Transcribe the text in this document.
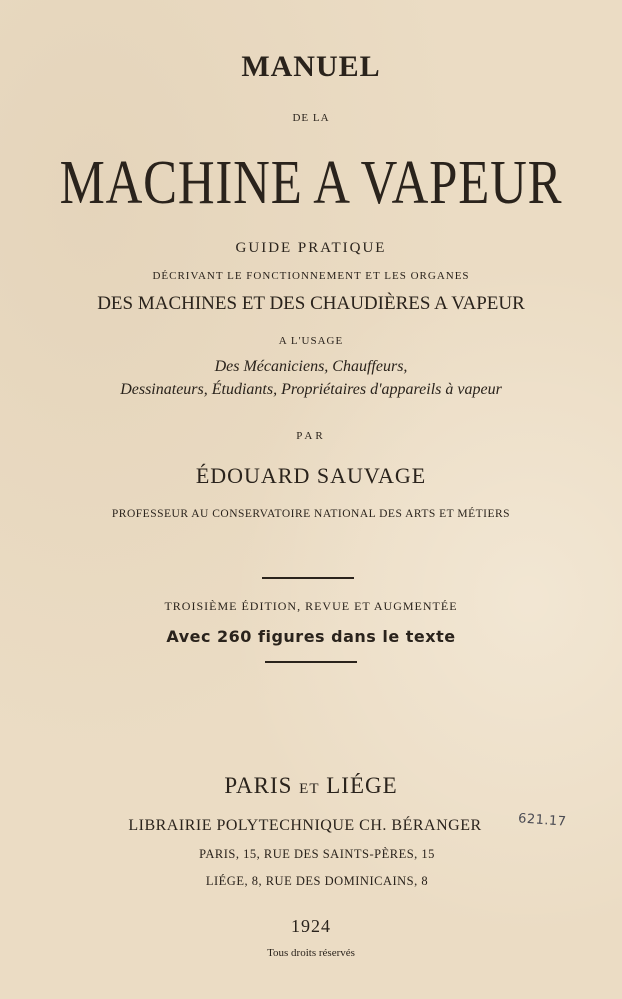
MANUEL
DE LA
MACHINE A VAPEUR
GUIDE PRATIQUE
DÉCRIVANT LE FONCTIONNEMENT ET LES ORGANES
DES MACHINES ET DES CHAUDIÈRES A VAPEUR
A L'USAGE
Des Mécaniciens, Chauffeurs,
Dessinateurs, Étudiants, Propriétaires d'appareils à vapeur
PAR
ÉDOUARD SAUVAGE
PROFESSEUR AU CONSERVATOIRE NATIONAL DES ARTS ET MÉTIERS
TROISIÈME ÉDITION, REVUE ET AUGMENTÉE
Avec 260 figures dans le texte
PARIS ET LIÉGE
LIBRAIRIE POLYTECHNIQUE CH. BÉRANGER	621.17
PARIS, 15, RUE DES SAINTS-PÈRES, 15
LIÉGE, 8, RUE DES DOMINICAINS, 8
1924
Tous droits réservés
